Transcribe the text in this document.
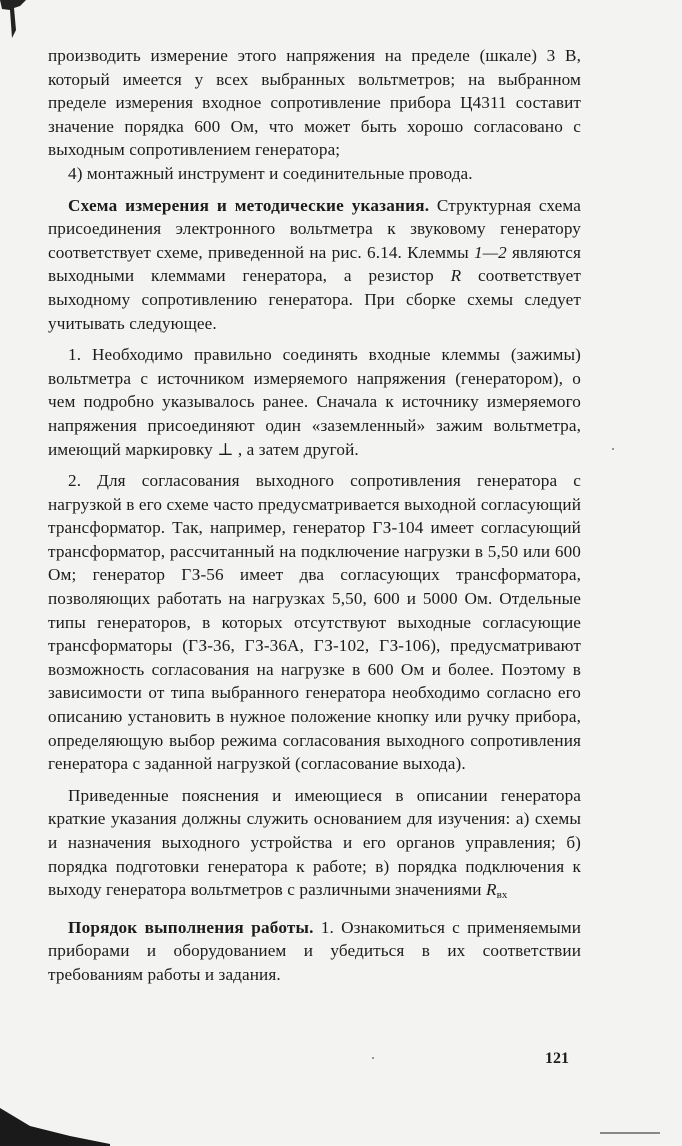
производить измерение этого напряжения на пределе (шкале) 3 В, который имеется у всех выбранных вольтметров; на выбранном пределе измерения входное сопротивление прибора Ц4311 составит значение порядка 600 Ом, что может быть хорошо согласовано с выходным сопротивлением генератора;

4) монтажный инструмент и соединительные провода.

Схема измерения и методические указания. Структурная схема присоединения электронного вольтметра к звуковому генератору соответствует схеме, приведенной на рис. 6.14. Клеммы 1—2 являются выходными клеммами генератора, а резистор R соответствует выходному сопротивлению генератора. При сборке схемы следует учитывать следующее.

1. Необходимо правильно соединять входные клеммы (зажимы) вольтметра с источником измеряемого напряжения (генератором), о чем подробно указывалось ранее. Сначала к источнику измеряемого напряжения присоединяют один «заземленный» зажим вольтметра, имеющий маркировку ⊥ , а затем другой.

2. Для согласования выходного сопротивления генератора с нагрузкой в его схеме часто предусматривается выходной согласующий трансформатор. Так, например, генератор ГЗ-104 имеет согласующий трансформатор, рассчитанный на подключение нагрузки в 5,50 или 600 Ом; генератор ГЗ-56 имеет два согласующих трансформатора, позволяющих работать на нагрузках 5,50, 600 и 5000 Ом. Отдельные типы генераторов, в которых отсутствуют выходные согласующие трансформаторы (ГЗ-36, ГЗ-36А, ГЗ-102, ГЗ-106), предусматривают возможность согласования на нагрузке в 600 Ом и более. Поэтому в зависимости от типа выбранного генератора необходимо согласно его описанию установить в нужное положение кнопку или ручку прибора, определяющую выбор режима согласования выходного сопротивления генератора с заданной нагрузкой (согласование выхода).

Приведенные пояснения и имеющиеся в описании генератора краткие указания должны служить основанием для изучения: а) схемы и назначения выходного устройства и его органов управления; б) порядка подготовки генератора к работе; в) порядка подключения к выходу генератора вольтметров с различными значениями $R_{вх}$

Порядок выполнения работы. 1. Ознакомиться с применяемыми приборами и оборудованием и убедиться в их соответствии требованиям работы и задания.

121
